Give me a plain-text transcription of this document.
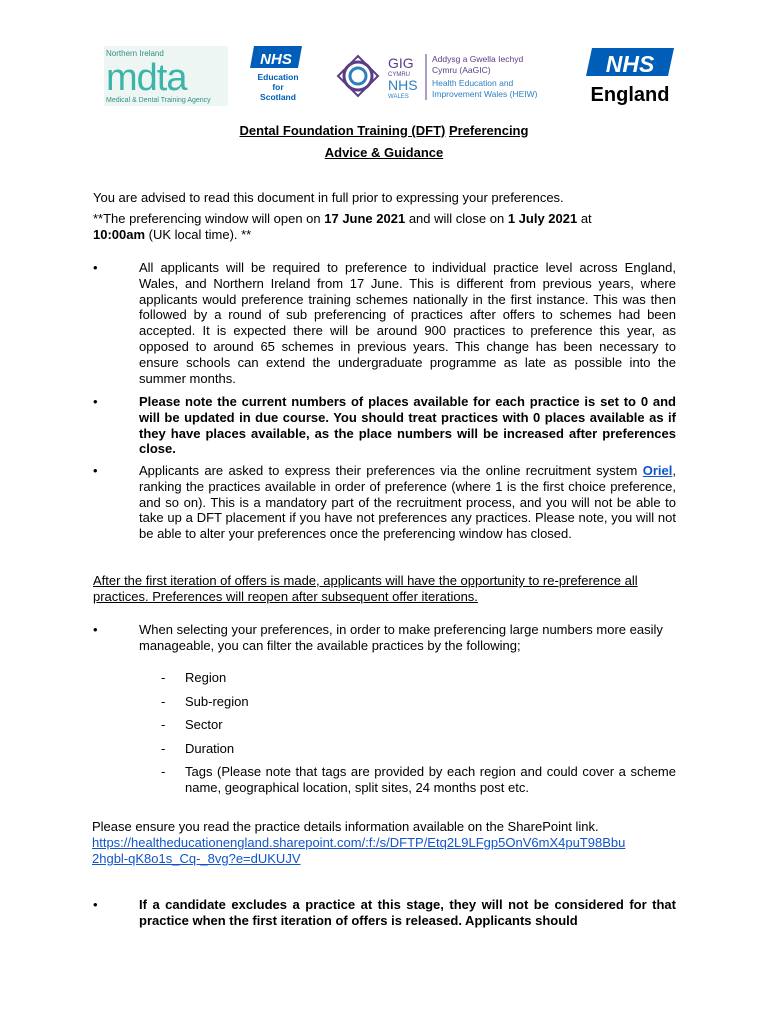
Northern Ireland
mdta
Medical & Dental Training Agency
NHS
Education
for
Scotland
GIG
CYMRU
NHS
WALES
Addysg a Gwella Iechyd
Cymru (AaGIC)
Health Education and
Improvement Wales (HEIW)
NHS
England
Dental Foundation Training (DFT) Preferencing
Advice & Guidance
You are advised to read this document in full prior to expressing your preferences.
**The preferencing window will open on 17 June 2021 and will close on 1 July 2021 at
10:00am (UK local time). **
•	All applicants will be required to preference to individual practice level across England, Wales, and Northern Ireland from 17 June. This is different from previous years, where applicants would preference training schemes nationally in the first instance. This was then followed by a round of sub preferencing of practices after offers to schemes had been accepted. It is expected there will be around 900 practices to preference this year, as opposed to around 65 schemes in previous years. This change has been necessary to ensure schools can extend the undergraduate programme as late as possible into the summer months.
•	Please note the current numbers of places available for each practice is set to 0 and will be updated in due course. You should treat practices with 0 places available as if they have places available, as the place numbers will be increased after preferences close.
•	Applicants are asked to express their preferences via the online recruitment system Oriel, ranking the practices available in order of preference (where 1 is the first choice preference, and so on). This is a mandatory part of the recruitment process, and you will not be able to take up a DFT placement if you have not preferences any practices. Please note, you will not be able to alter your preferences once the preferencing window has closed.
After the first iteration of offers is made, applicants will have the opportunity to re-preference all practices. Preferences will reopen after subsequent offer iterations.
•	When selecting your preferences, in order to make preferencing large numbers more easily manageable, you can filter the available practices by the following;
- Region
- Sub-region
- Sector
- Duration
- Tags (Please note that tags are provided by each region and could cover a scheme name, geographical location, split sites, 24 months post etc.
Please ensure you read the practice details information available on the SharePoint link.
https://healtheducationengland.sharepoint.com/:f:/s/DFTP/Etq2L9LFgp5OnV6mX4puT98Bbu
2hgbl-qK8o1s_Cq-_8vg?e=dUKUJV
•	If a candidate excludes a practice at this stage, they will not be considered for that practice when the first iteration of offers is released. Applicants should
